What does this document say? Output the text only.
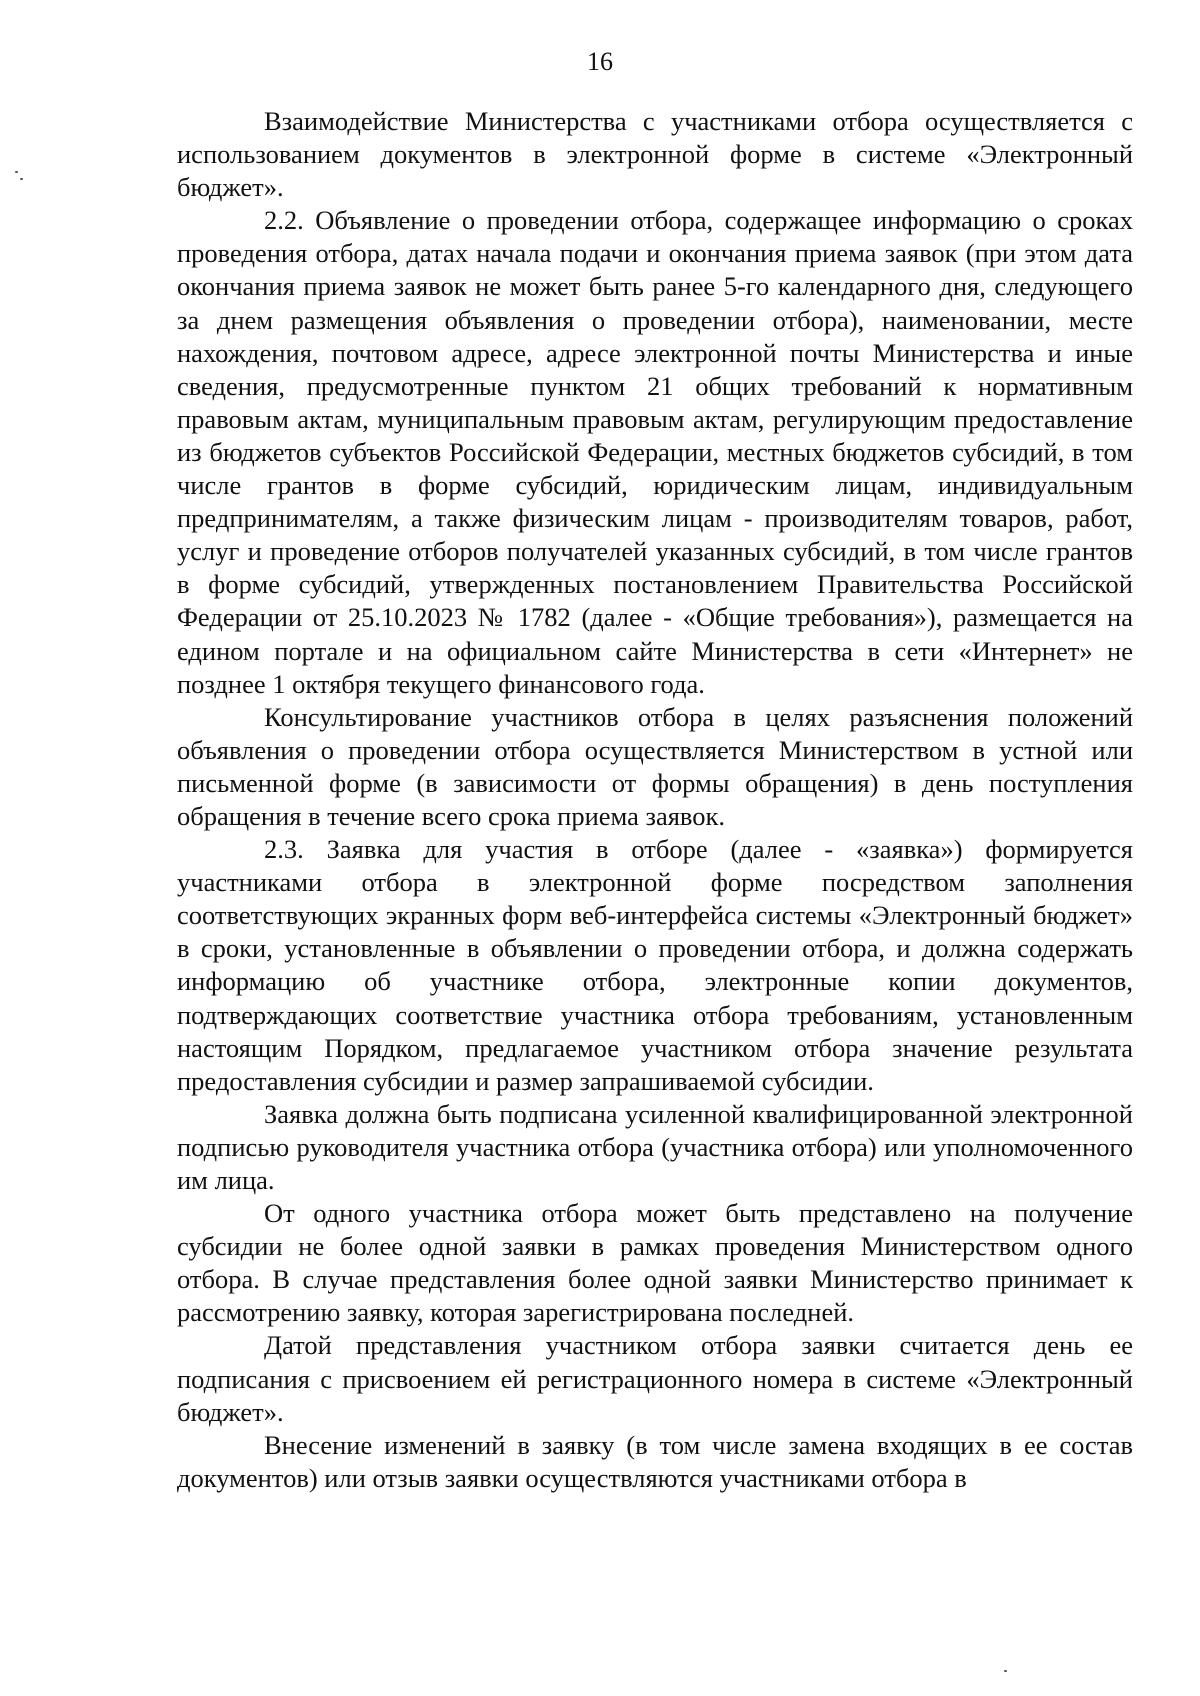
16

Взаимодействие Министерства с участниками отбора осуществляется с использованием документов в электронной форме в системе «Электронный бюджет».

2.2. Объявление о проведении отбора, содержащее информацию о сроках проведения отбора, датах начала подачи и окончания приема заявок (при этом дата окончания приема заявок не может быть ранее 5-го календарного дня, следующего за днем размещения объявления о проведении отбора), наименовании, месте нахождения, почтовом адресе, адресе электронной почты Министерства и иные сведения, предусмотренные пунктом 21 общих требований к нормативным правовым актам, муниципальным правовым актам, регулирующим предоставление из бюджетов субъектов Российской Федерации, местных бюджетов субсидий, в том числе грантов в форме субсидий, юридическим лицам, индивидуальным предпринимателям, а также физическим лицам - производителям товаров, работ, услуг и проведение отборов получателей указанных субсидий, в том числе грантов в форме субсидий, утвержденных постановлением Правительства Российской Федерации от 25.10.2023 № 1782 (далее - «Общие требования»), размещается на едином портале и на официальном сайте Министерства в сети «Интернет» не позднее 1 октября текущего финансового года.

Консультирование участников отбора в целях разъяснения положений объявления о проведении отбора осуществляется Министерством в устной или письменной форме (в зависимости от формы обращения) в день поступления обращения в течение всего срока приема заявок.

2.3. Заявка для участия в отборе (далее - «заявка») формируется участниками отбора в электронной форме посредством заполнения соответствующих экранных форм веб-интерфейса системы «Электронный бюджет» в сроки, установленные в объявлении о проведении отбора, и должна содержать информацию об участнике отбора, электронные копии документов, подтверждающих соответствие участника отбора требованиям, установленным настоящим Порядком, предлагаемое участником отбора значение результата предоставления субсидии и размер запрашиваемой субсидии.

Заявка должна быть подписана усиленной квалифицированной электронной подписью руководителя участника отбора (участника отбора) или уполномоченного им лица.

От одного участника отбора может быть представлено на получение субсидии не более одной заявки в рамках проведения Министерством одного отбора. В случае представления более одной заявки Министерство принимает к рассмотрению заявку, которая зарегистрирована последней.

Датой представления участником отбора заявки считается день ее подписания с присвоением ей регистрационного номера в системе «Электронный бюджет».

Внесение изменений в заявку (в том числе замена входящих в ее состав документов) или отзыв заявки осуществляются участниками отбора в
